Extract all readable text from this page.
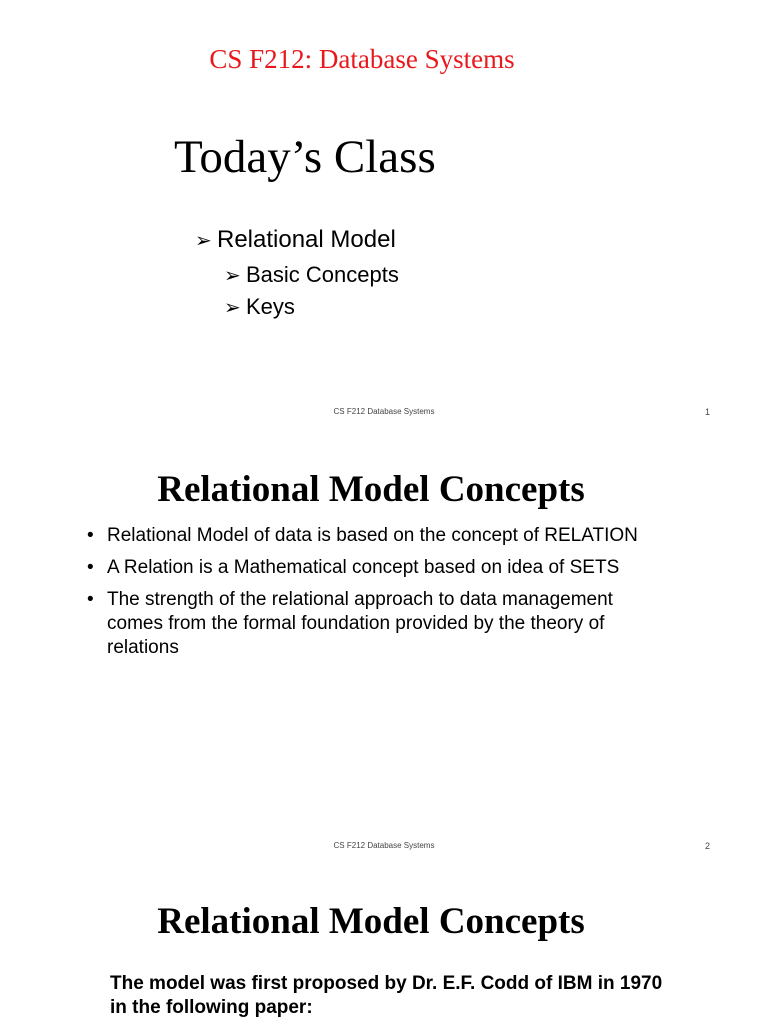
CS F212: Database Systems
Today’s Class
➢ Relational Model
➢ Basic Concepts
➢ Keys
CS F212 Database Systems	1
Relational Model Concepts
• Relational Model of data is based on the concept of RELATION
• A Relation is a Mathematical concept based on idea of SETS
• The strength of the relational approach to data management comes from the formal foundation provided by the theory of relations
CS F212 Database Systems	2
Relational Model Concepts
The model was first proposed by Dr. E.F. Codd of IBM in 1970 in the following paper:
